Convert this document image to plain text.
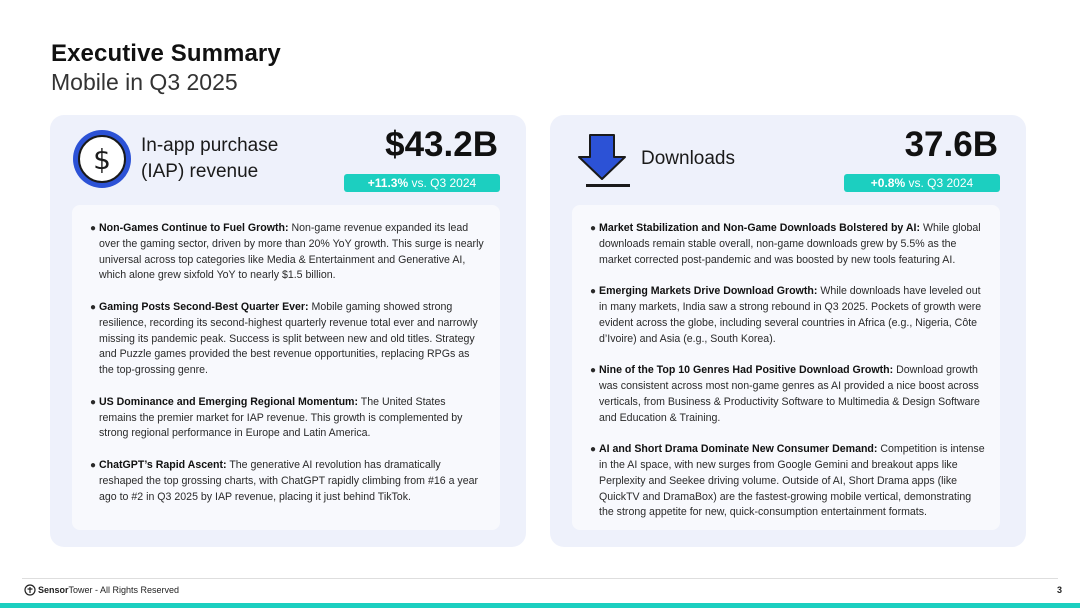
Executive Summary
Mobile in Q3 2025
$ In-app purchase (IAP) revenue
$43.2B
+11.3% vs. Q3 2024
● Non-Games Continue to Fuel Growth: Non-game revenue expanded its lead over the gaming sector, driven by more than 20% YoY growth. This surge is nearly universal across top categories like Media & Entertainment and Generative AI, which alone grew sixfold YoY to nearly $1.5 billion.
● Gaming Posts Second-Best Quarter Ever: Mobile gaming showed strong resilience, recording its second-highest quarterly revenue total ever and narrowly missing its pandemic peak. Success is split between new and old titles. Strategy and Puzzle games provided the best revenue opportunities, replacing RPGs as the top-grossing genre.
● US Dominance and Emerging Regional Momentum: The United States remains the premier market for IAP revenue. This growth is complemented by strong regional performance in Europe and Latin America.
● ChatGPT’s Rapid Ascent: The generative AI revolution has dramatically reshaped the top grossing charts, with ChatGPT rapidly climbing from #16 a year ago to #2 in Q3 2025 by IAP revenue, placing it just behind TikTok.
Downloads	37.6B
+0.8% vs. Q3 2024
● Market Stabilization and Non-Game Downloads Bolstered by AI: While global downloads remain stable overall, non-game downloads grew by 5.5% as the market corrected post-pandemic and was boosted by new tools featuring AI.
● Emerging Markets Drive Download Growth: While downloads have leveled out in many markets, India saw a strong rebound in Q3 2025. Pockets of growth were evident across the globe, including several countries in Africa (e.g., Nigeria, Côte d’Ivoire) and Asia (e.g., South Korea).
● Nine of the Top 10 Genres Had Positive Download Growth: Download growth was consistent across most non-game genres as AI provided a nice boost across verticals, from Business & Productivity Software to Multimedia & Design Software and Education & Training.
● AI and Short Drama Dominate New Consumer Demand: Competition is intense in the AI space, with new surges from Google Gemini and breakout apps like Perplexity and Seekee driving volume. Outside of AI, Short Drama apps (like QuickTV and DramaBox) are the fastest-growing mobile vertical, demonstrating the strong appetite for new, quick-consumption entertainment formats.
SensorTower - All Rights Reserved	3
